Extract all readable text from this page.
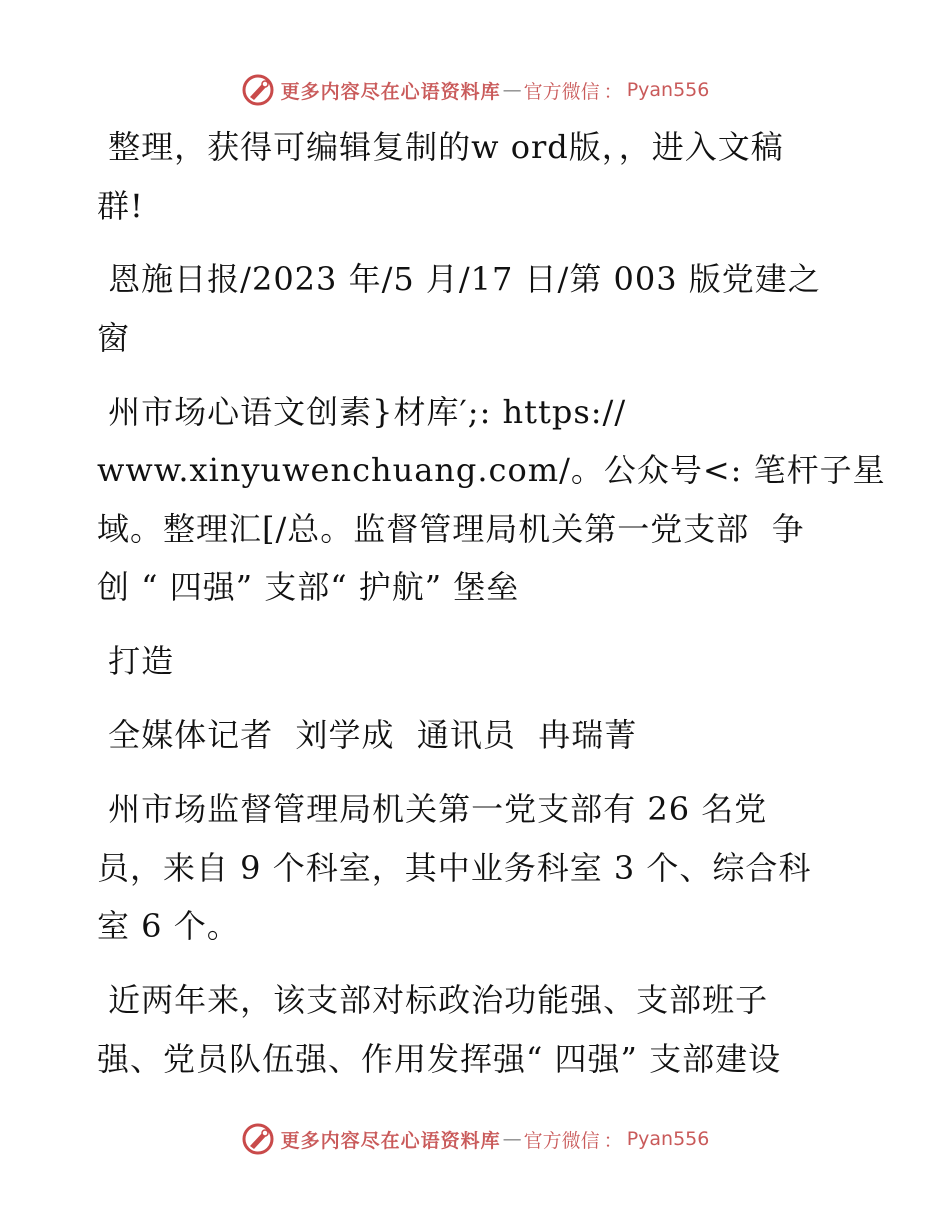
更多内容尽在心语资料库 — 官方微信 ： Pyan556
整理，获得可编辑复制的w ord版，，进入文稿
群!
恩施日报/2023 年/5 月/17 日/第 003 版党建之
窗
州市场心语文创素}材库′;: https://
www.xinyuwenchuang.com/。公众号<: 笔杆子星
域。整理汇[/总。监督管理局机关第一党支部  争
创 “ 四强” 支部“ 护航” 堡垒
打造
全媒体记者  刘学成  通讯员  冉瑞菁
州市场监督管理局机关第一党支部有 26 名党
员，来自 9 个科室，其中业务科室 3 个、综合科
室 6 个。
近两年来，该支部对标政治功能强、支部班子
强、党员队伍强、作用发挥强“ 四强” 支部建设
更多内容尽在心语资料库 — 官方微信 ： Pyan556
